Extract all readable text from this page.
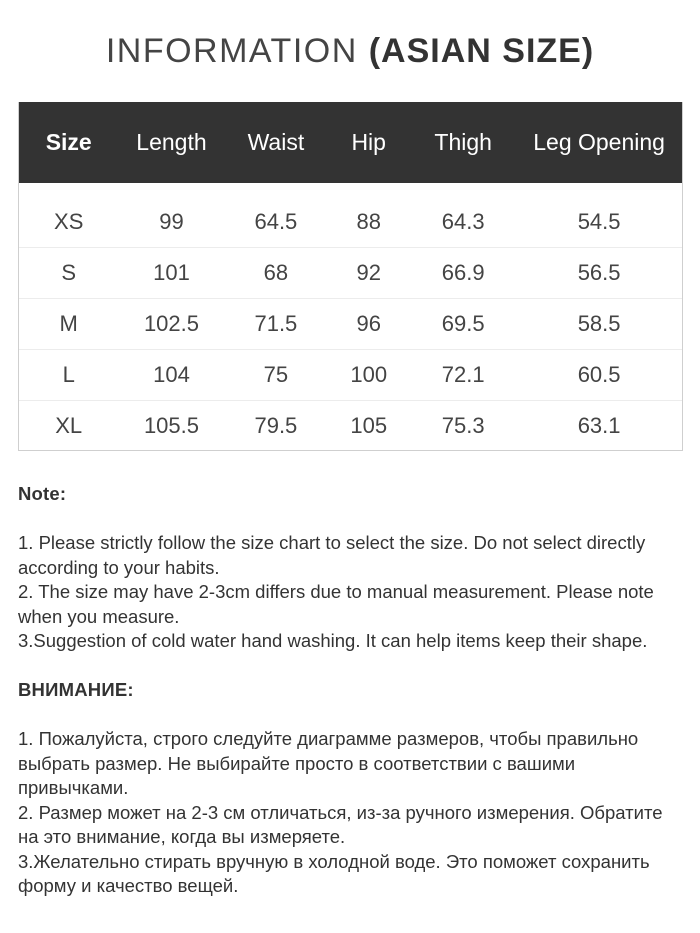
INFORMATION (ASIAN SIZE)
Size	Length	Waist	Hip	Thigh	Leg Opening
XS	99	64.5	88	64.3	54.5
S	101	68	92	66.9	56.5
M	102.5	71.5	96	69.5	58.5
L	104	75	100	72.1	60.5
XL	105.5	79.5	105	75.3	63.1

Note:

1. Please strictly follow the size chart to select the size. Do not select directly according to your habits.

2. The size may have 2-3cm differs due to manual measurement. Please note when you measure.

3.Suggestion of cold water hand washing. It can help items keep their shape.

ВНИМАНИЕ:

1. Пожалуйста, строго следуйте диаграмме размеров, чтобы правильно выбрать размер. Не выбирайте просто в соответствии с вашими привычками.

2. Размер может на 2-3 см отличаться, из-за ручного измерения. Обратите на это внимание, когда вы измеряете.

3.Желательно стирать вручную в холодной воде. Это поможет сохранить форму и качество вещей.
